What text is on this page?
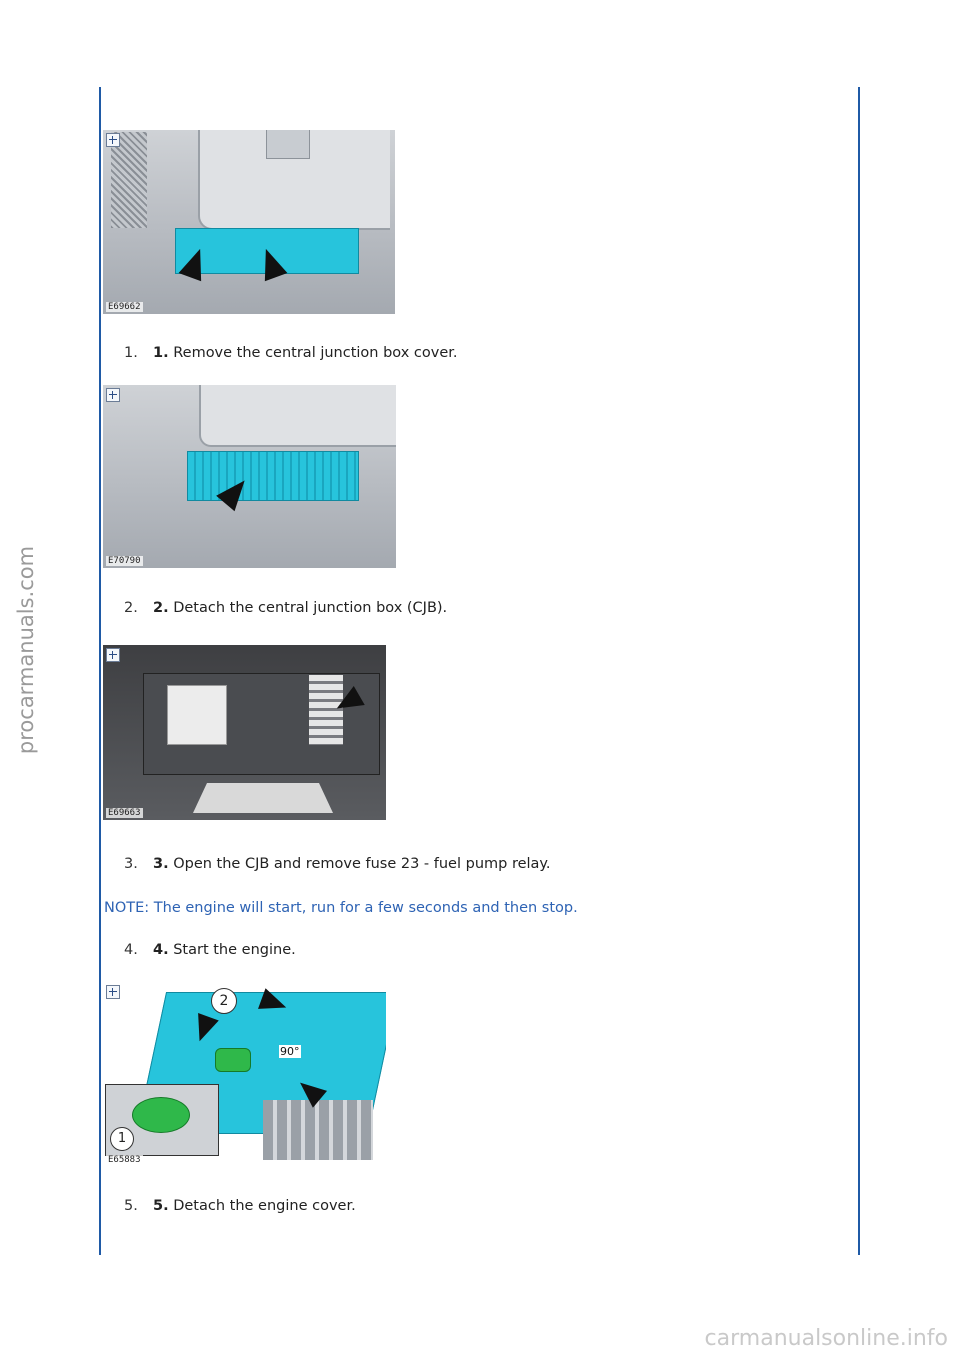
procarmanuals.com
E69662
1. 1. Remove the central junction box cover.
E70790
2. 2. Detach the central junction box (CJB).
E69663
3. 3. Open the CJB and remove fuse 23 - fuel pump relay.
NOTE: The engine will start, run for a few seconds and then stop.
4. 4. Start the engine.
2
90°
1
E65883
5. 5. Detach the engine cover.
carmanualsonline.info
